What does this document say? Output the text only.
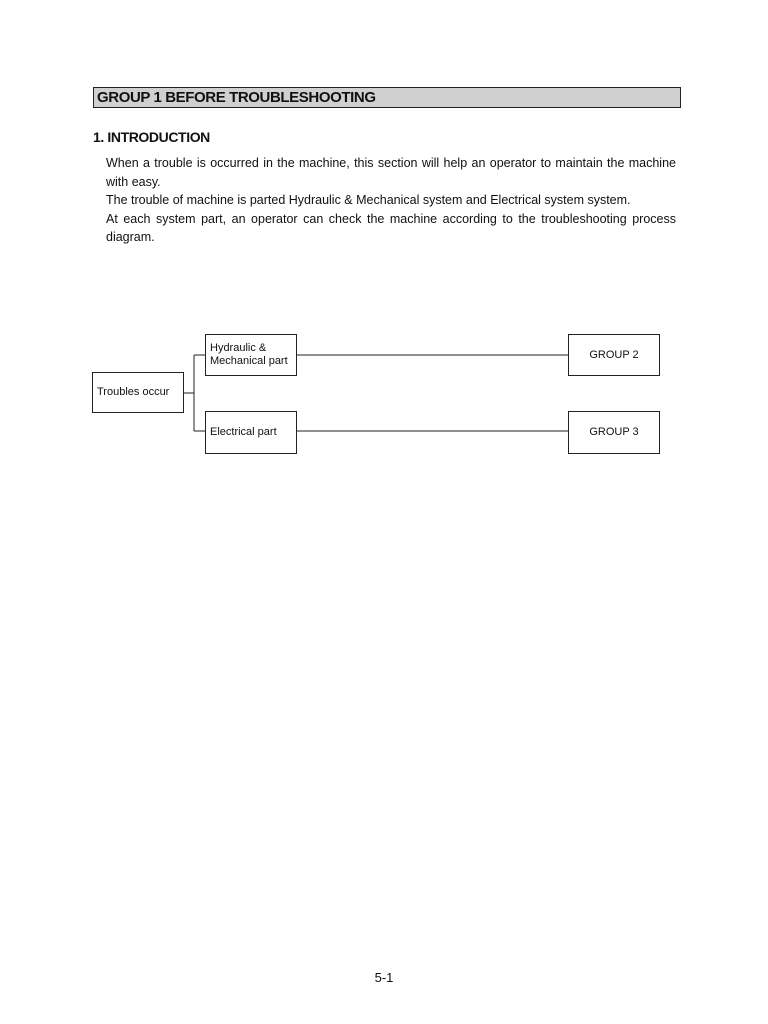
GROUP 1 BEFORE TROUBLESHOOTING
1. INTRODUCTION

When a trouble is occurred in the machine, this section will help an operator to maintain the machine with easy.

The trouble of machine is parted Hydraulic & Mechanical system and Electrical system system.

At each system part, an operator can check the machine according to the troubleshooting process diagram.

Troubles occur
Hydraulic &
Mechanical part
Electrical part
GROUP 2
GROUP 3
5-1
